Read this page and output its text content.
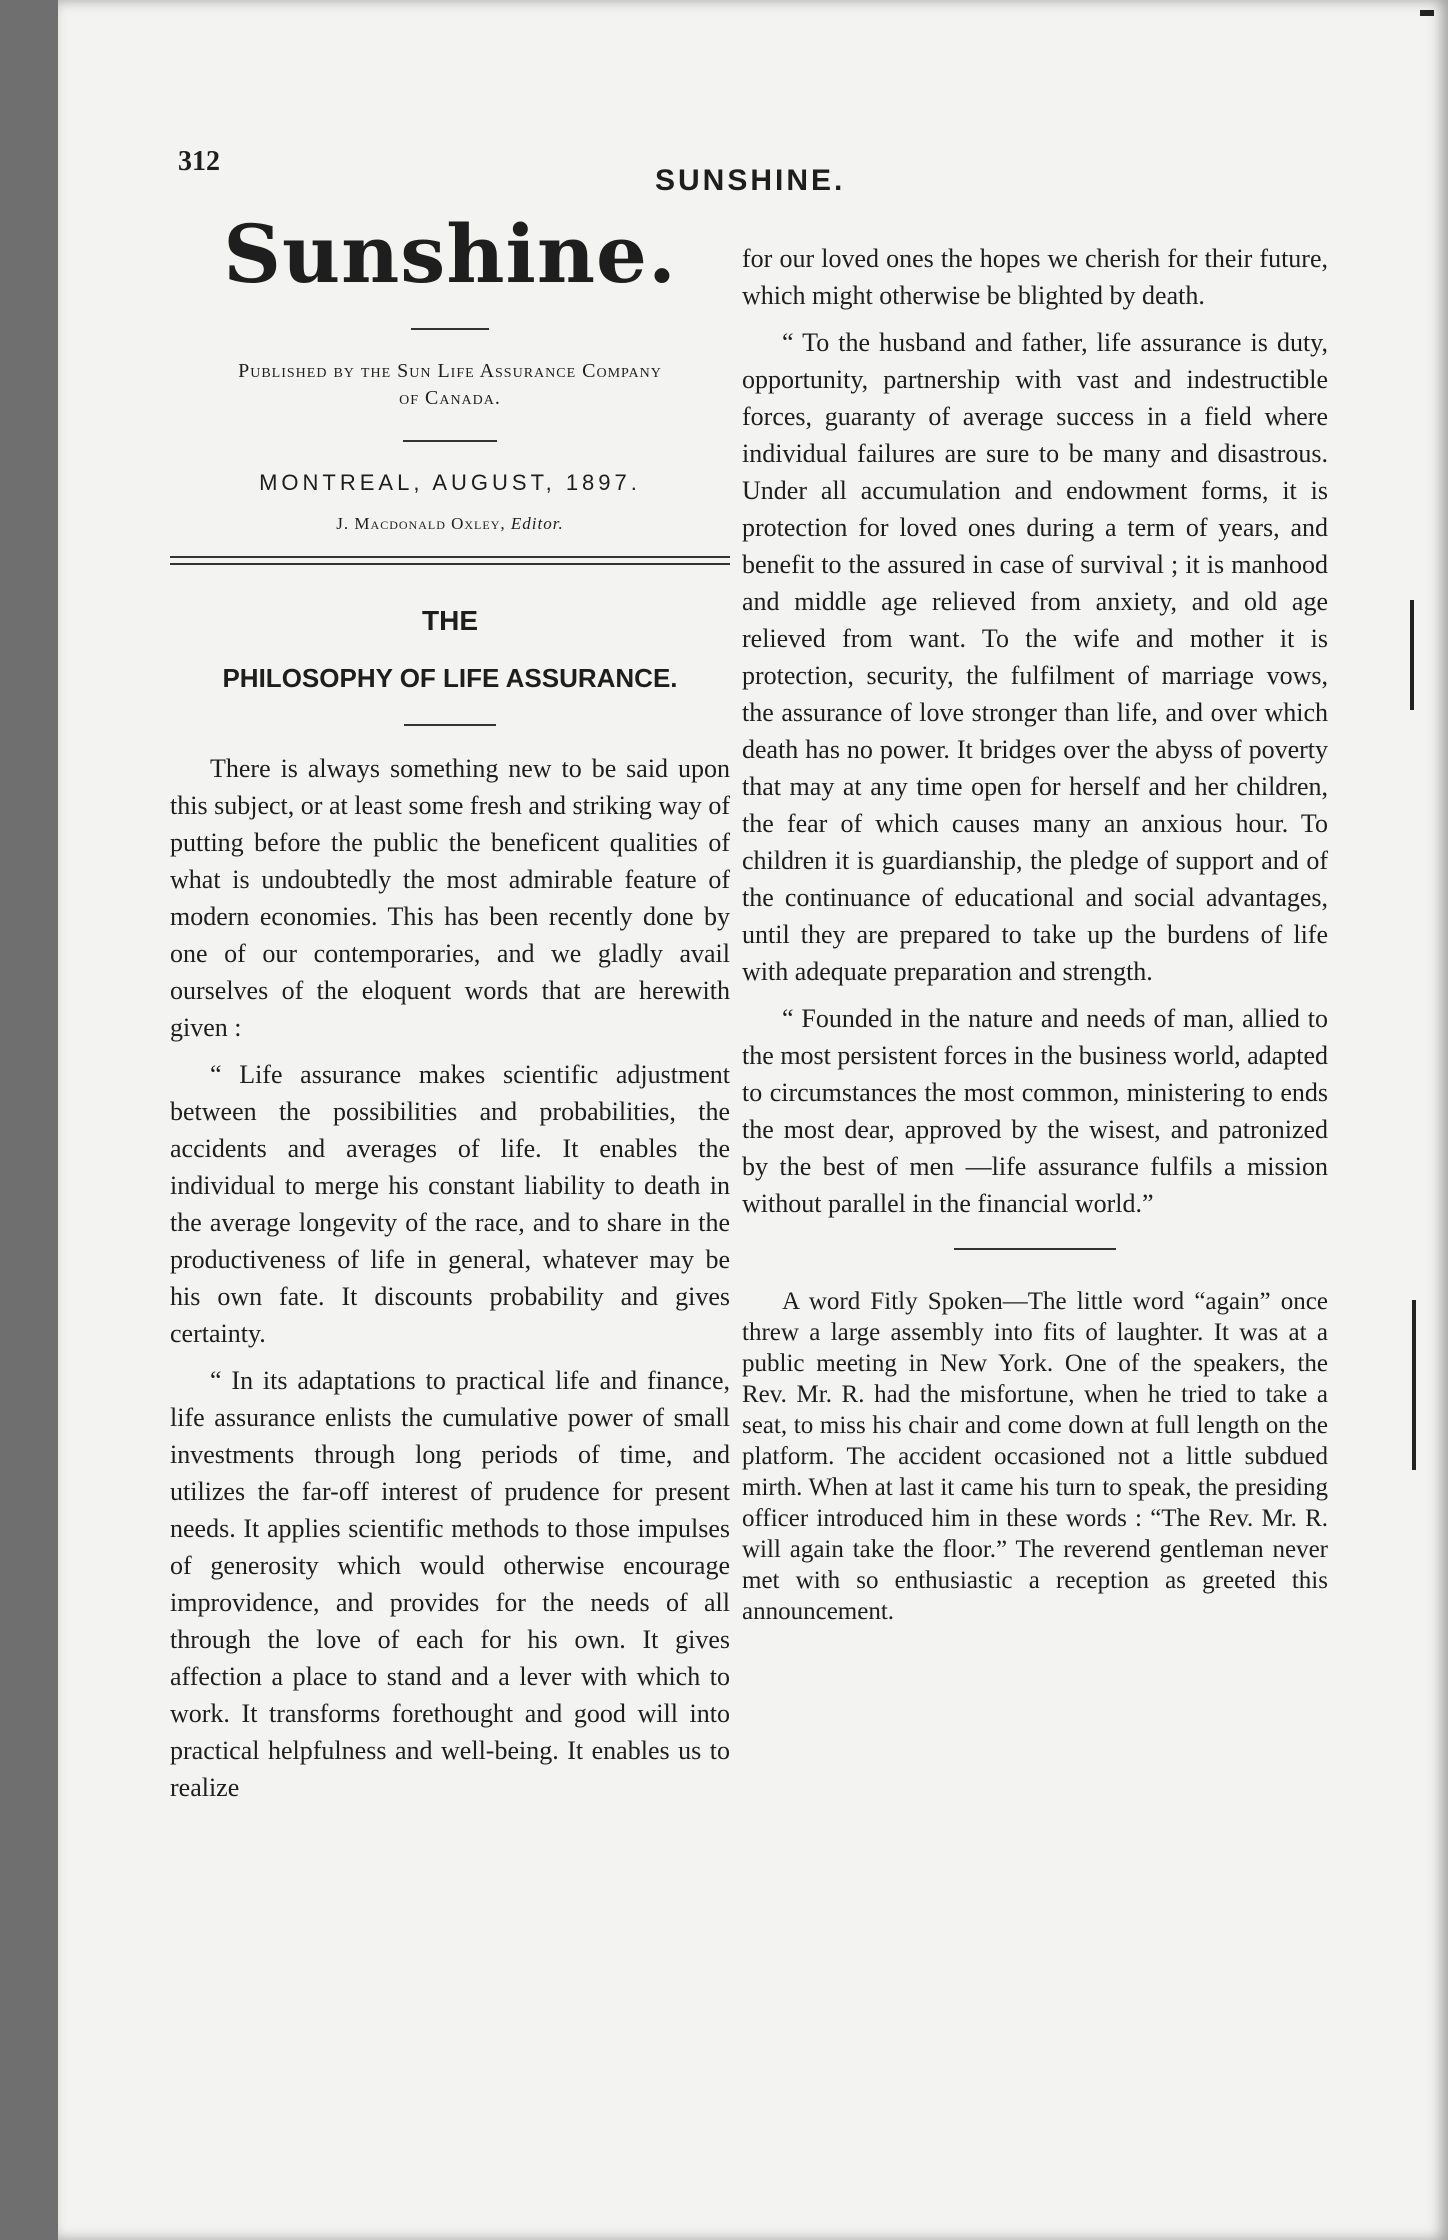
312
SUNSHINE.
Sunshine.

Published by the Sun Life Assurance Company
of Canada.

MONTREAL, AUGUST, 1897.

J. Macdonald Oxley, Editor.

THE
PHILOSOPHY OF LIFE ASSURANCE.

There is always something new to be said upon this subject, or at least some fresh and striking way of putting before the public the beneficent qualities of what is undoubtedly the most admirable feature of modern economies. This has been recently done by one of our contemporaries, and we gladly avail ourselves of the eloquent words that are herewith given :

“ Life assurance makes scientific adjustment between the possibilities and probabilities, the accidents and averages of life. It enables the individual to merge his constant liability to death in the average longevity of the race, and to share in the productiveness of life in general, whatever may be his own fate. It discounts probability and gives certainty.

“ In its adaptations to practical life and finance, life assurance enlists the cumulative power of small investments through long periods of time, and utilizes the far-off interest of prudence for present needs. It applies scientific methods to those impulses of generosity which would otherwise encourage improvidence, and provides for the needs of all through the love of each for his own. It gives affection a place to stand and a lever with which to work. It transforms forethought and good will into practical helpfulness and well-being. It enables us to realize

for our loved ones the hopes we cherish for their future, which might otherwise be blighted by death.

“ To the husband and father, life assurance is duty, opportunity, partnership with vast and indestructible forces, guaranty of average success in a field where individual failures are sure to be many and disastrous. Under all accumulation and endowment forms, it is protection for loved ones during a term of years, and benefit to the assured in case of survival ; it is manhood and middle age relieved from anxiety, and old age relieved from want. To the wife and mother it is protection, security, the fulfilment of marriage vows, the assurance of love stronger than life, and over which death has no power. It bridges over the abyss of poverty that may at any time open for herself and her children, the fear of which causes many an anxious hour. To children it is guardianship, the pledge of support and of the continuance of educational and social advantages, until they are prepared to take up the burdens of life with adequate preparation and strength.

“ Founded in the nature and needs of man, allied to the most persistent forces in the business world, adapted to circumstances the most common, ministering to ends the most dear, approved by the wisest, and patronized by the best of men —life assurance fulfils a mission without parallel in the financial world.”

A word Fitly Spoken—The little word “again” once threw a large assembly into fits of laughter. It was at a public meeting in New York. One of the speakers, the Rev. Mr. R. had the misfortune, when he tried to take a seat, to miss his chair and come down at full length on the platform. The accident occasioned not a little subdued mirth. When at last it came his turn to speak, the presiding officer introduced him in these words : “The Rev. Mr. R. will again take the floor.” The reverend gentleman never met with so enthusiastic a reception as greeted this announcement.
